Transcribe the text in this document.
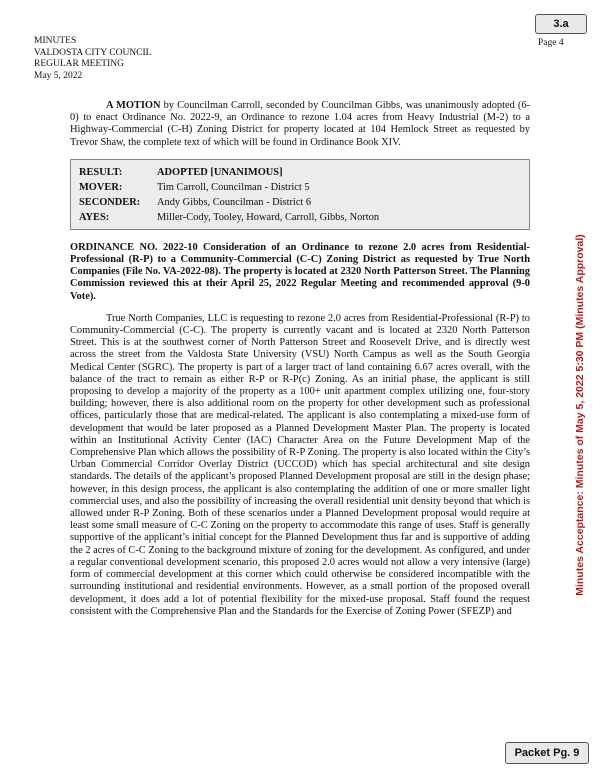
3.a
Page 4
MINUTES
VALDOSTA CITY COUNCIL
REGULAR MEETING
May 5, 2022

A MOTION by Councilman Carroll, seconded by Councilman Gibbs, was unanimously adopted (6-0) to enact Ordinance No. 2022-9, an Ordinance to rezone 1.04 acres from Heavy Industrial (M-2) to a Highway-Commercial (C-H) Zoning District for property located at 104 Hemlock Street as requested by Trevor Shaw, the complete text of which will be found in Ordinance Book XIV.

RESULT:	ADOPTED [UNANIMOUS]
MOVER:	Tim Carroll, Councilman - District 5
SECONDER:	Andy Gibbs, Councilman - District 6
AYES:	Miller-Cody, Tooley, Howard, Carroll, Gibbs, Norton

ORDINANCE NO. 2022-10 Consideration of an Ordinance to rezone 2.0 acres from Residential-Professional (R-P) to a Community-Commercial (C-C) Zoning District as requested by True North Companies (File No. VA-2022-08). The property is located at 2320 North Patterson Street. The Planning Commission reviewed this at their April 25, 2022 Regular Meeting and recommended approval (9-0 Vote).

True North Companies, LLC is requesting to rezone 2.0 acres from Residential-Professional (R-P) to Community-Commercial (C-C). The property is currently vacant and is located at 2320 North Patterson Street. This is at the southwest corner of North Patterson Street and Roosevelt Drive, and is directly west across the street from the Valdosta State University (VSU) North Campus as well as the South Georgia Medical Center (SGRC). The property is part of a larger tract of land containing 6.67 acres overall, with the balance of the tract to remain as either R-P or R-P(c) Zoning. As an initial phase, the applicant is still proposing to develop a majority of the property as a 100+ unit apartment complex utilizing one, four-story building; however, there is also additional room on the property for other development such as professional offices, particularly those that are medical-related. The applicant is also contemplating a mixed-use form of development that would be later proposed as a Planned Development Master Plan. The property is located within an Institutional Activity Center (IAC) Character Area on the Future Development Map of the Comprehensive Plan which allows the possibility of R-P Zoning. The property is also located within the City’s Urban Commercial Corridor Overlay District (UCCOD) which has special architectural and site design standards. The details of the applicant’s proposed Planned Development proposal are still in the design phase; however, in this design process, the applicant is also contemplating the addition of one or more smaller light commercial uses, and also the possibility of increasing the overall residential unit density beyond that which is allowed under R-P Zoning. Both of these scenarios under a Planned Development proposal would require at least some small measure of C-C Zoning on the property to accommodate this range of uses. Staff is generally supportive of the applicant’s initial concept for the Planned Development thus far and is supportive of adding the 2 acres of C-C Zoning to the background mixture of zoning for the development. As configured, and under a regular conventional development scenario, this proposed 2.0 acres would not allow a very intensive (large) form of commercial development at this corner which could otherwise be considered incompatible with the surrounding institutional and residential environments. However, as a small portion of the proposed overall development, it does add a lot of potential flexibility for the mixed-use proposal. Staff found the request consistent with the Comprehensive Plan and the Standards for the Exercise of Zoning Power (SFEZP) and

Minutes Acceptance: Minutes of May 5, 2022 5:30 PM (Minutes Approval)
Packet Pg. 9
